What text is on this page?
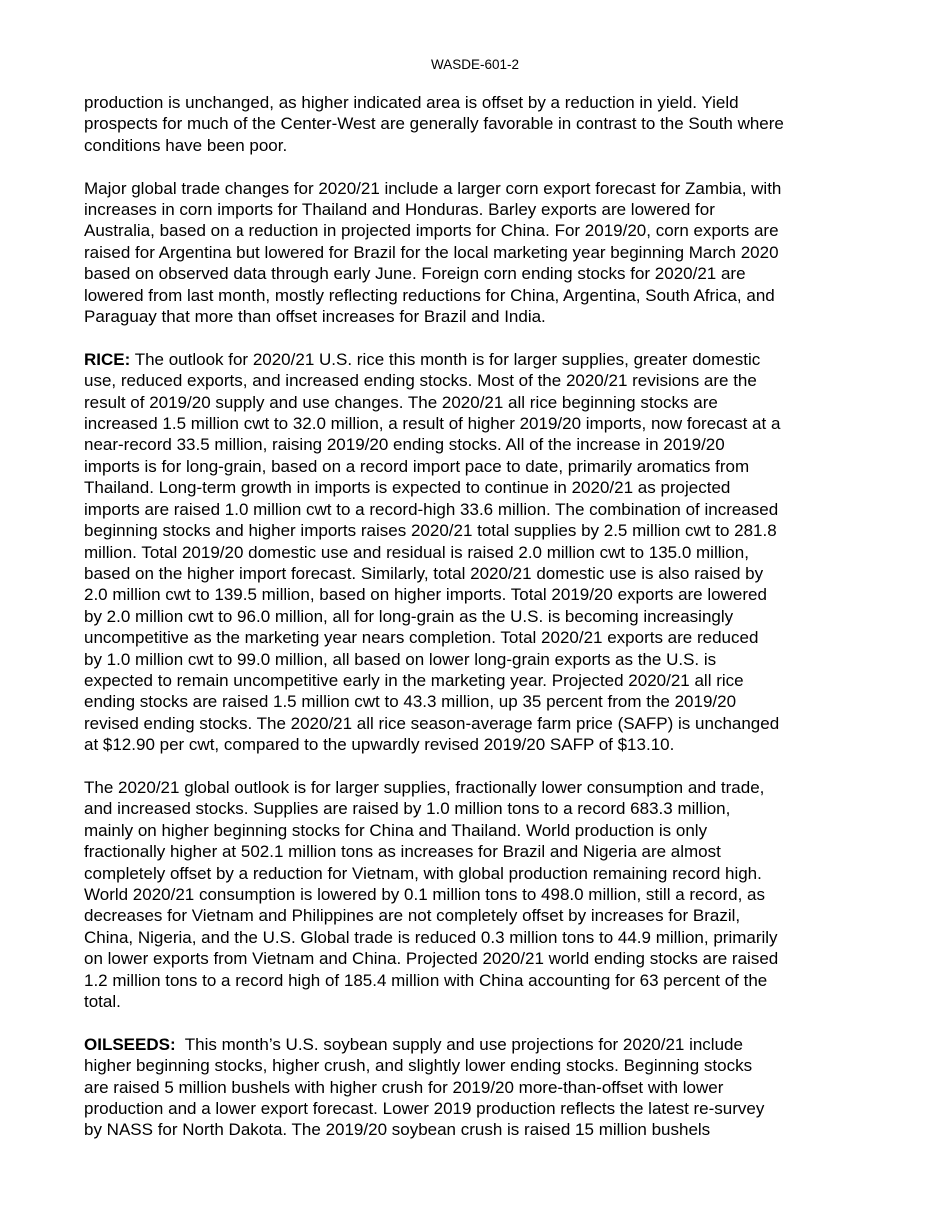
WASDE-601-2
production is unchanged, as higher indicated area is offset by a reduction in yield. Yield
prospects for much of the Center-West are generally favorable in contrast to the South where
conditions have been poor.
Major global trade changes for 2020/21 include a larger corn export forecast for Zambia, with
increases in corn imports for Thailand and Honduras. Barley exports are lowered for
Australia, based on a reduction in projected imports for China. For 2019/20, corn exports are
raised for Argentina but lowered for Brazil for the local marketing year beginning March 2020
based on observed data through early June. Foreign corn ending stocks for 2020/21 are
lowered from last month, mostly reflecting reductions for China, Argentina, South Africa, and
Paraguay that more than offset increases for Brazil and India.
RICE: The outlook for 2020/21 U.S. rice this month is for larger supplies, greater domestic
use, reduced exports, and increased ending stocks. Most of the 2020/21 revisions are the
result of 2019/20 supply and use changes. The 2020/21 all rice beginning stocks are
increased 1.5 million cwt to 32.0 million, a result of higher 2019/20 imports, now forecast at a
near-record 33.5 million, raising 2019/20 ending stocks. All of the increase in 2019/20
imports is for long-grain, based on a record import pace to date, primarily aromatics from
Thailand. Long-term growth in imports is expected to continue in 2020/21 as projected
imports are raised 1.0 million cwt to a record-high 33.6 million. The combination of increased
beginning stocks and higher imports raises 2020/21 total supplies by 2.5 million cwt to 281.8
million. Total 2019/20 domestic use and residual is raised 2.0 million cwt to 135.0 million,
based on the higher import forecast. Similarly, total 2020/21 domestic use is also raised by
2.0 million cwt to 139.5 million, based on higher imports. Total 2019/20 exports are lowered
by 2.0 million cwt to 96.0 million, all for long-grain as the U.S. is becoming increasingly
uncompetitive as the marketing year nears completion. Total 2020/21 exports are reduced
by 1.0 million cwt to 99.0 million, all based on lower long-grain exports as the U.S. is
expected to remain uncompetitive early in the marketing year. Projected 2020/21 all rice
ending stocks are raised 1.5 million cwt to 43.3 million, up 35 percent from the 2019/20
revised ending stocks. The 2020/21 all rice season-average farm price (SAFP) is unchanged
at $12.90 per cwt, compared to the upwardly revised 2019/20 SAFP of $13.10.
The 2020/21 global outlook is for larger supplies, fractionally lower consumption and trade,
and increased stocks. Supplies are raised by 1.0 million tons to a record 683.3 million,
mainly on higher beginning stocks for China and Thailand. World production is only
fractionally higher at 502.1 million tons as increases for Brazil and Nigeria are almost
completely offset by a reduction for Vietnam, with global production remaining record high.
World 2020/21 consumption is lowered by 0.1 million tons to 498.0 million, still a record, as
decreases for Vietnam and Philippines are not completely offset by increases for Brazil,
China, Nigeria, and the U.S. Global trade is reduced 0.3 million tons to 44.9 million, primarily
on lower exports from Vietnam and China. Projected 2020/21 world ending stocks are raised
1.2 million tons to a record high of 185.4 million with China accounting for 63 percent of the
total.
OILSEEDS:  This month’s U.S. soybean supply and use projections for 2020/21 include
higher beginning stocks, higher crush, and slightly lower ending stocks. Beginning stocks
are raised 5 million bushels with higher crush for 2019/20 more-than-offset with lower
production and a lower export forecast. Lower 2019 production reflects the latest re-survey
by NASS for North Dakota. The 2019/20 soybean crush is raised 15 million bushels
